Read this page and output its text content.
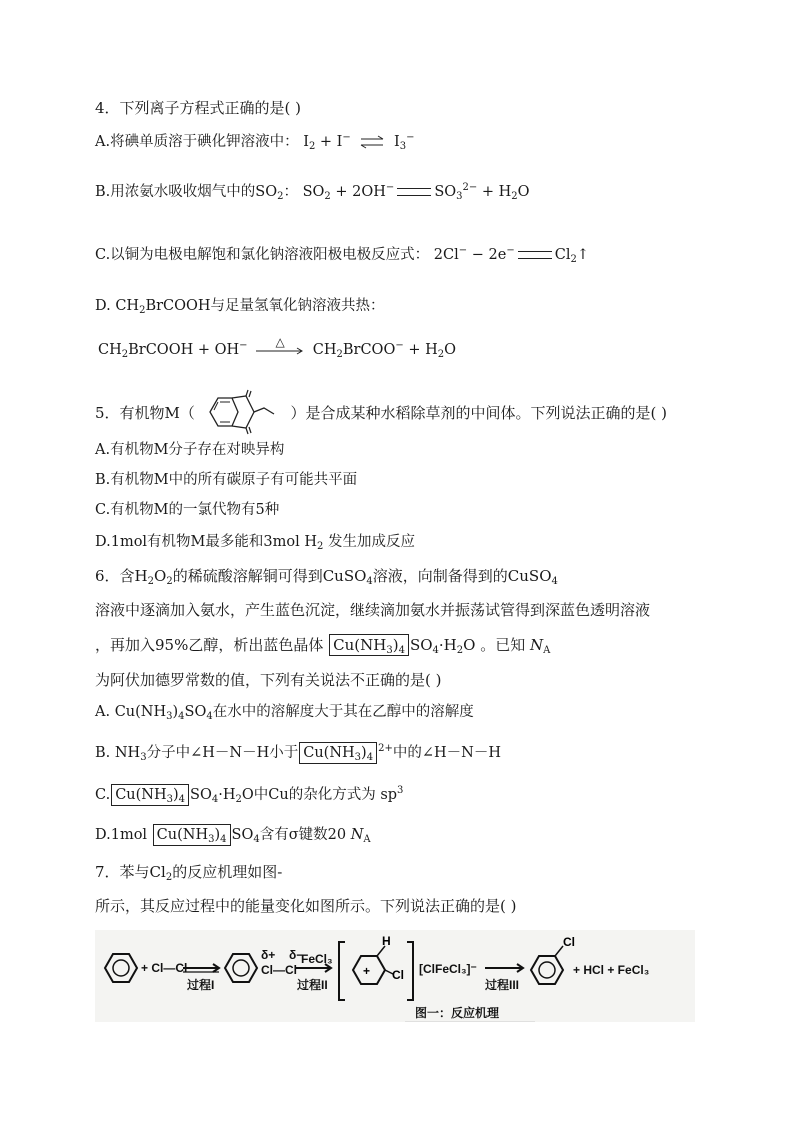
4．下列离子方程式正确的是( )
A.将碘单质溶于碘化钾溶液中： $I_2 + I^-$ ⇌ $I_3^-$
B.用浓氨水吸收烟气中的$SO_2$： $SO_2 + 2OH^-$	$SO_3^{2-} + H_2O$
C.以铜为电极电解饱和氯化钠溶液阳极电极反应式： 2Cl− − 2e−	$Cl_2↑$
D. $CH_2BrCOOH$与足量氢氧化钠溶液共热：
$CH_2BrCOOH + OH^-$	△	$CH_2BrCOO^- + H_2O$
5．有机物M（	）是合成某种水稻除草剂的中间体。下列说法正确的是( )
A.有机物M分子存在对映异构
B.有机物M中的所有碳原子有可能共平面
C.有机物M的一氯代物有5种
D.1mol有机物M最多能和3mol $H_2$ 发生加成反应
6．含$H_2O_2$的稀硫酸溶解铜可得到CuSO$_4$溶液，向制备得到的CuSO$_4$
溶液中逐滴加入氨水，产生蓝色沉淀，继续滴加氨水并振荡试管得到深蓝色透明溶液
，再加入95%乙醇，析出蓝色晶体 $Cu(NH_3)_4$ $SO_4\cdot H_2O$ 。已知 $N_A$
为阿伏加德罗常数的值，下列有关说法不正确的是( )
A. $Cu(NH_3)_4SO_4$在水中的溶解度大于其在乙醇中的溶解度
B. $NH_3$分子中∠H－N－H小于 $Cu(NH_3)_4^{2+}$中的∠H－N－H
C. $Cu(NH_3)_4$ $SO_4\cdot H_2O$中Cu的杂化方式为 $sp^3$
D.1mol $Cu(NH_3)_4$ $SO_4$含有σ键数20 $N_A$
7．苯与$Cl_2$的反应机理如图-
所示，其反应过程中的能量变化如图所示。下列说法正确的是( )
+
H
Cl
Cl
+ Cl—Cl
过程I
δ+ δ−
Cl—Cl
FeCl₃
过程II
[ClFeCl₃]⁻
过程III
+ HCl + FeCl₃
图一：反应机理
